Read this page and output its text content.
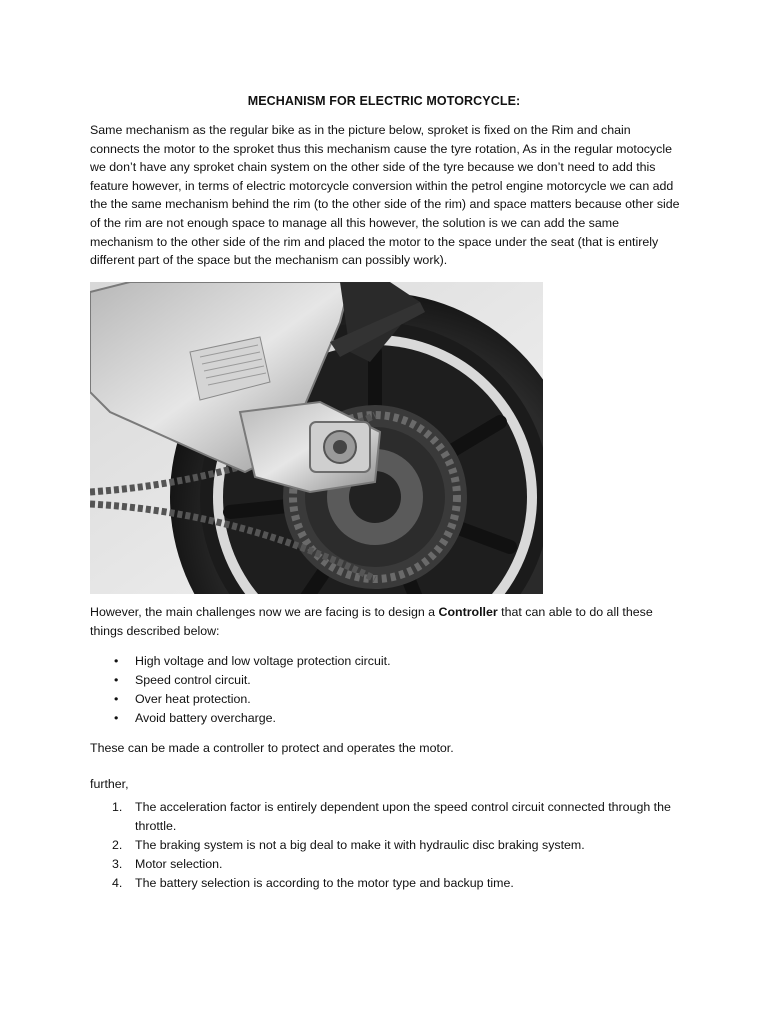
MECHANISM FOR ELECTRIC MOTORCYCLE:

Same mechanism as the regular bike as in the picture below, sproket is fixed on the Rim and chain connects the motor to the sproket thus this mechanism cause the tyre rotation, As in the regular motocycle we don’t have any sproket chain system on the other side of the tyre because we don’t need to add this feature however, in terms of electric motorcycle conversion within the petrol engine motorcycle we can add the the same mechanism behind the rim (to the other side of the rim) and space matters because other side of the rim are not enough space to manage all this however, the solution is we can add the same mechanism to the other side of the rim and placed the motor to the space under the seat (that is entirely different part of the space but the mechanism can possibly work).

However, the main challenges now we are facing is to design a Controller that can able to do all these things described below:

• High voltage and low voltage protection circuit.
• Speed control circuit.
• Over heat protection.
• Avoid battery overcharge.

These can be made a controller to protect and operates the motor.

further,

1. The acceleration factor is entirely dependent upon the speed control circuit connected through the throttle.
2. The braking system is not a big deal to make it with hydraulic disc braking system.
3. Motor selection.
4. The battery selection is according to the motor type and backup time.
